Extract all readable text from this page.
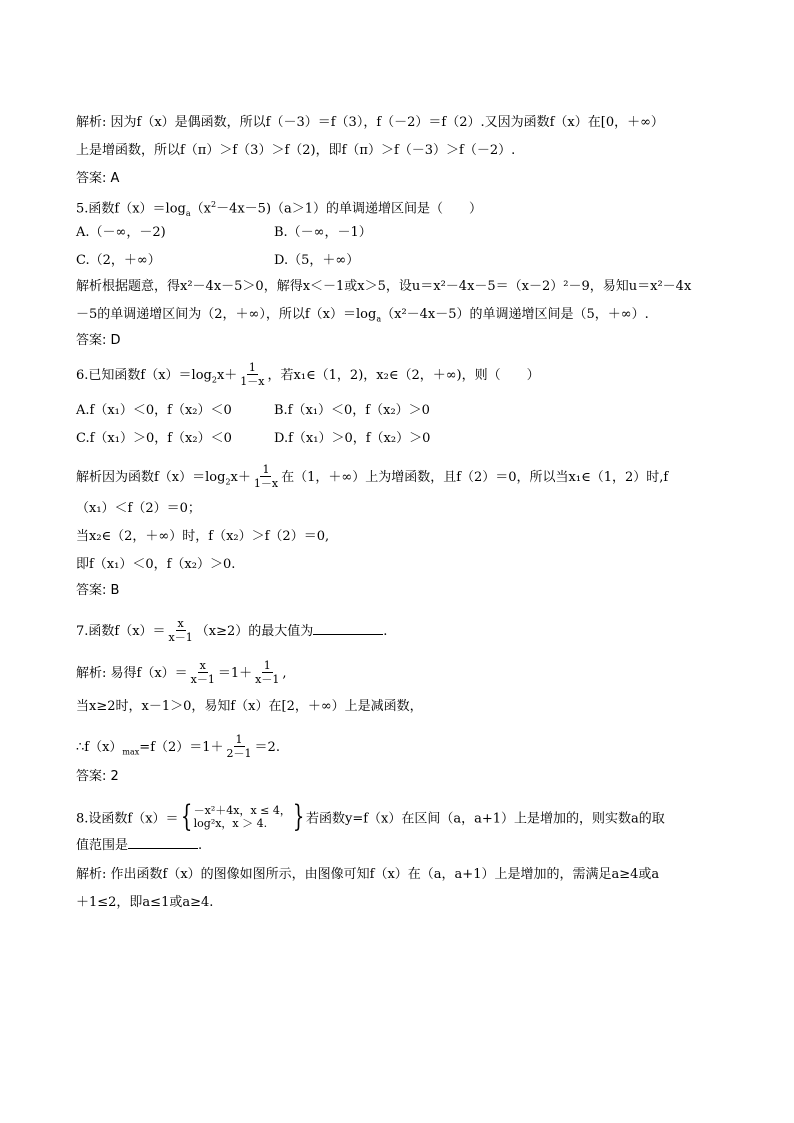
解析: 因为f（x）是偶函数，所以f（－3）＝f（3），f（－2）＝f（2）.又因为函数f（x）在[0，＋∞）
上是增函数，所以f（π）＞f（3）＞f（2)，即f（π）＞f（－3）＞f（－2）.
答案: A
5.函数$f(x)=\log_a(x^2-4x-5)(a>1)$的单调递增区间是（　　）
A.（－∞，－2)	B.（－∞，－1）
C.（2，＋∞）	D.（5，＋∞）
解析根据题意，得x²－4x－5＞0，解得x＜－1或x＞5，设u＝x²－4x－5＝（x－2）²－9，易知u＝x²－4x
－5的单调递增区间为（2，＋∞），所以$f(x)=\log_a(x^2-4x-5)$的单调递增区间是（5，＋∞）.
答案: D
6.已知函数$f(x)=\log_2x+ \frac{1}{1-x}$ ，若x₁∈（1，2)，x₂∈（2，＋∞)，则（　　）
A.f（x₁）＜0，f（x₂）＜0	B.f（x₁）＜0，f（x₂）＞0
C.f（x₁）＞0，f（x₂）＜0	D.f（x₁）＞0，f（x₂）＞0
解析因为函数$f(x)=\log_2x+ \frac{1}{1-x}$ 在（1，＋∞）上为增函数，且f（2）＝0，所以当x₁∈（1，2）时,f
（x₁）＜f（2）＝0；
当x₂∈（2，＋∞）时，f（x₂）＞f（2）＝0,
即f（x₁）＜0，f（x₂）＞0.
答案: B
7.函数$f(x)= \frac{x}{x-1} (x\ge 2)$的最大值为	.
解析: 易得$f(x)= \frac{x}{x-1} =1+ \frac{1}{x-1}$ ,
当x≥2时，x－1＞0，易知f（x）在[2，＋∞）上是减函数，
$\therefore f(x)_{max}=f(2)=1+ \frac{1}{2-1} =2$.
答案: 2
8.设函数f（x）＝ { －x²＋4x，x ≤ 4，
log²x，x ＞ 4. } 若函数y=f（x）在区间（a，a+1）上是增加的，则实数a的取
值范围是	.
解析: 作出函数f（x）的图像如图所示，由图像可知f（x）在（a，a+1）上是增加的，需满足a≥4或a
＋1≤2，即a≤1或a≥4.
